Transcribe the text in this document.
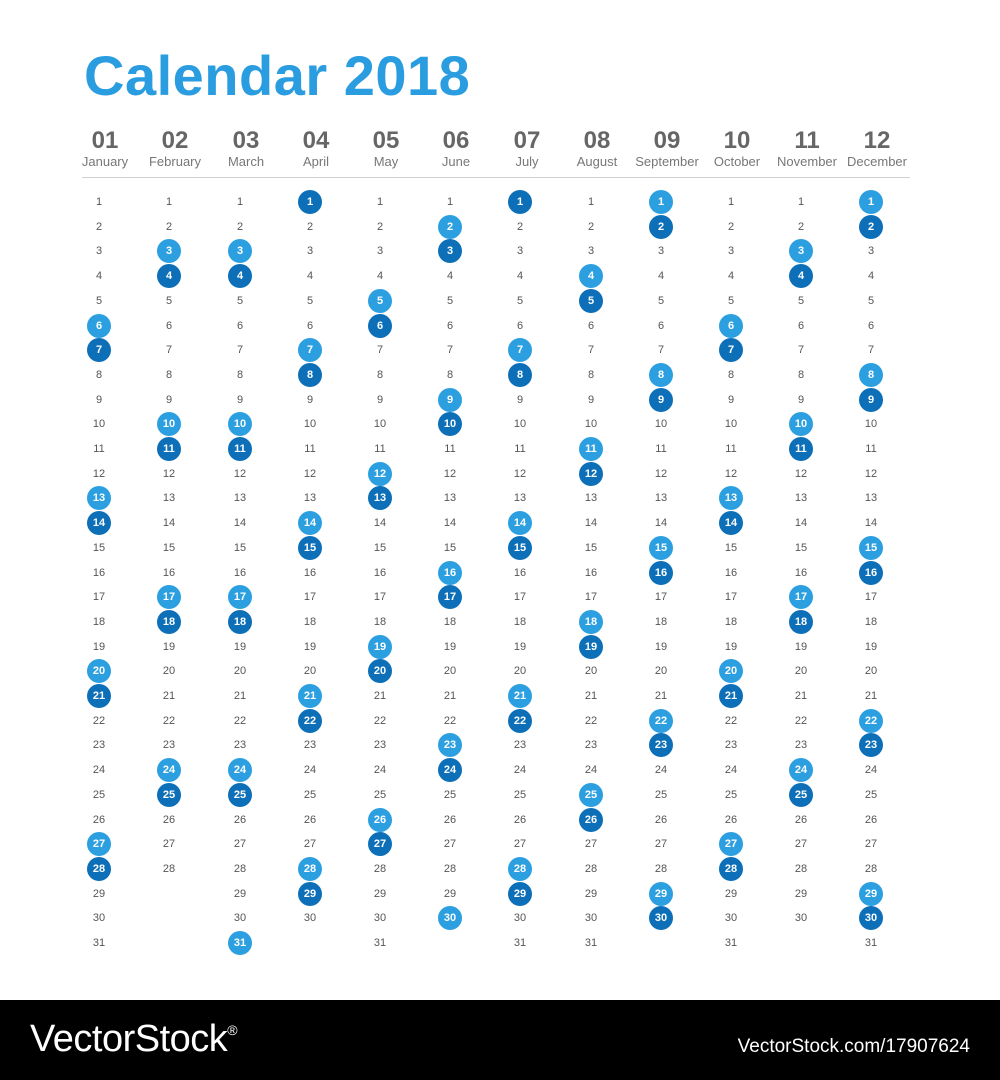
Calendar 2018
01
January
1
2
3
4
5
6
7
8
9
10
11
12
13
14
15
16
17
18
19
20
21
22
23
24
25
26
27
28
29
30
31
02
February
1
2
3
4
5
6
7
8
9
10
11
12
13
14
15
16
17
18
19
20
21
22
23
24
25
26
27
28
03
March
1
2
3
4
5
6
7
8
9
10
11
12
13
14
15
16
17
18
19
20
21
22
23
24
25
26
27
28
29
30
31
04
April
1
2
3
4
5
6
7
8
9
10
11
12
13
14
15
16
17
18
19
20
21
22
23
24
25
26
27
28
29
30
05
May
1
2
3
4
5
6
7
8
9
10
11
12
13
14
15
16
17
18
19
20
21
22
23
24
25
26
27
28
29
30
31
06
June
1
2
3
4
5
6
7
8
9
10
11
12
13
14
15
16
17
18
19
20
21
22
23
24
25
26
27
28
29
30
07
July
1
2
3
4
5
6
7
8
9
10
11
12
13
14
15
16
17
18
19
20
21
22
23
24
25
26
27
28
29
30
31
08
August
1
2
3
4
5
6
7
8
9
10
11
12
13
14
15
16
17
18
19
20
21
22
23
24
25
26
27
28
29
30
31
09
September
1
2
3
4
5
6
7
8
9
10
11
12
13
14
15
16
17
18
19
20
21
22
23
24
25
26
27
28
29
30
10
October
1
2
3
4
5
6
7
8
9
10
11
12
13
14
15
16
17
18
19
20
21
22
23
24
25
26
27
28
29
30
31
11
November
1
2
3
4
5
6
7
8
9
10
11
12
13
14
15
16
17
18
19
20
21
22
23
24
25
26
27
28
29
30
12
December
1
2
3
4
5
6
7
8
9
10
11
12
13
14
15
16
17
18
19
20
21
22
23
24
25
26
27
28
29
30
31
VectorStock®
VectorStock.com/17907624
